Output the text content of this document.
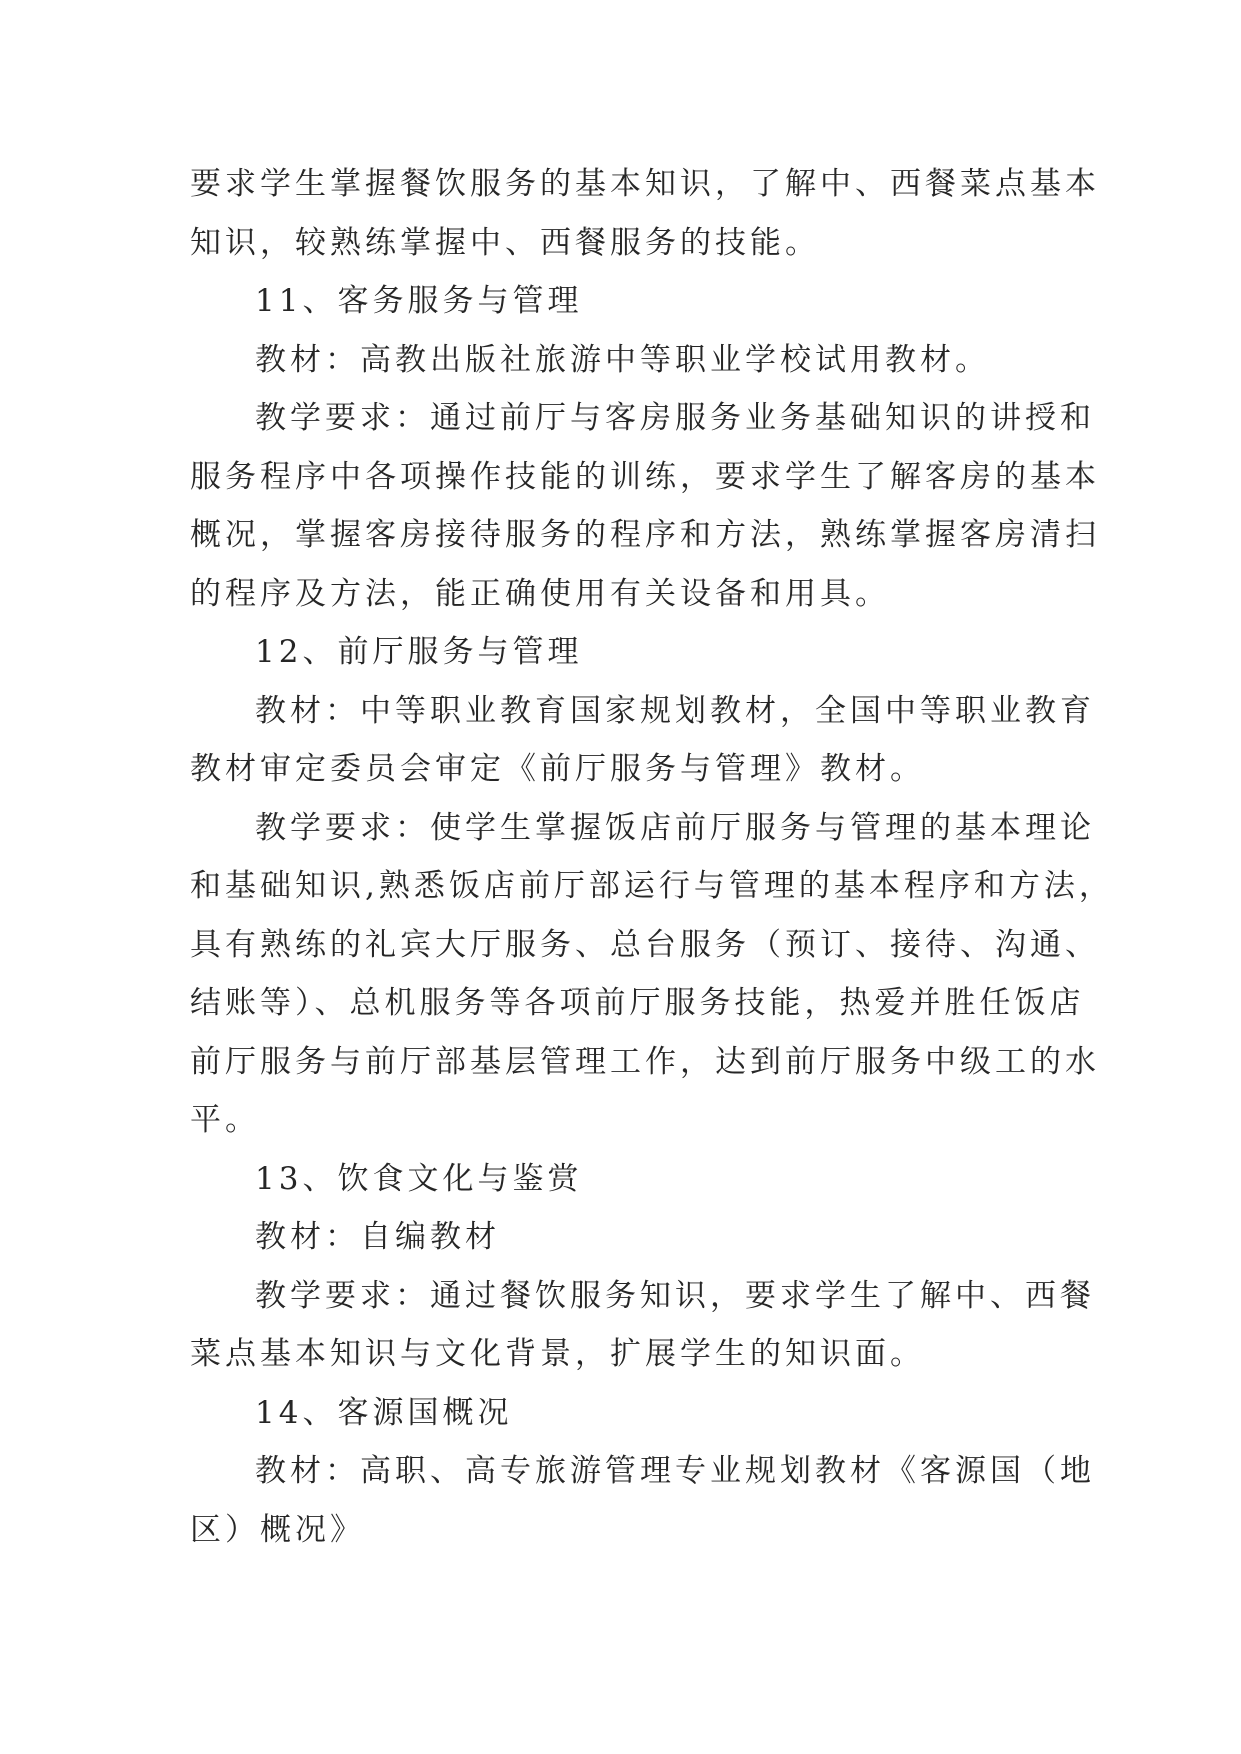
要求学生掌握餐饮服务的基本知识，了解中、西餐菜点基本
知识，较熟练掌握中、西餐服务的技能。
11、客务服务与管理
教材：高教出版社旅游中等职业学校试用教材。
教学要求：通过前厅与客房服务业务基础知识的讲授和
服务程序中各项操作技能的训练，要求学生了解客房的基本
概况，掌握客房接待服务的程序和方法，熟练掌握客房清扫
的程序及方法，能正确使用有关设备和用具。
12、前厅服务与管理
教材：中等职业教育国家规划教材，全国中等职业教育
教材审定委员会审定《前厅服务与管理》教材。
教学要求：使学生掌握饭店前厅服务与管理的基本理论
和基础知识,熟悉饭店前厅部运行与管理的基本程序和方法，
具有熟练的礼宾大厅服务、总台服务（预订、接待、沟通、
结账等）、总机服务等各项前厅服务技能，热爱并胜任饭店
前厅服务与前厅部基层管理工作，达到前厅服务中级工的水
平。
13、饮食文化与鉴赏
教材：自编教材
教学要求：通过餐饮服务知识，要求学生了解中、西餐
菜点基本知识与文化背景，扩展学生的知识面。
14、客源国概况
教材：高职、高专旅游管理专业规划教材《客源国（地
区）概况》
